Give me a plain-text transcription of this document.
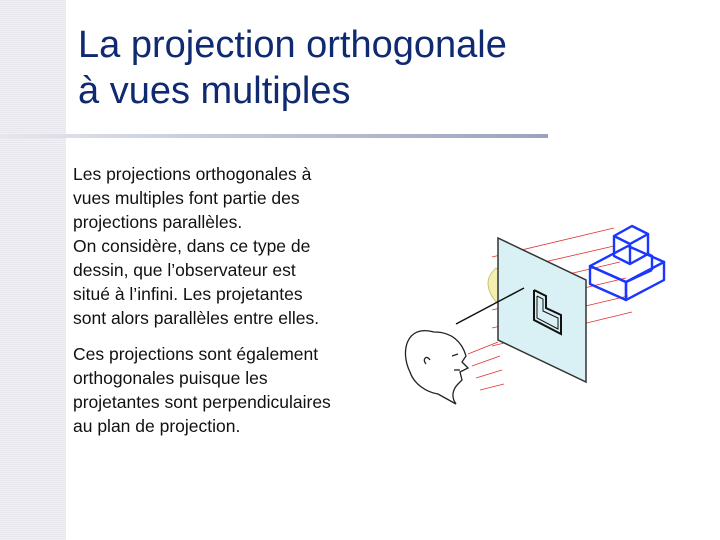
La projection orthogonale
à vues multiples

Les projections orthogonales à
vues multiples font partie des
projections parallèles.
On considère, dans ce type de
dessin, que l’observateur est
situé à l’infini. Les projetantes
sont alors parallèles entre elles.

Ces projections sont également
orthogonales puisque les
projetantes sont perpendiculaires
au plan de projection.
